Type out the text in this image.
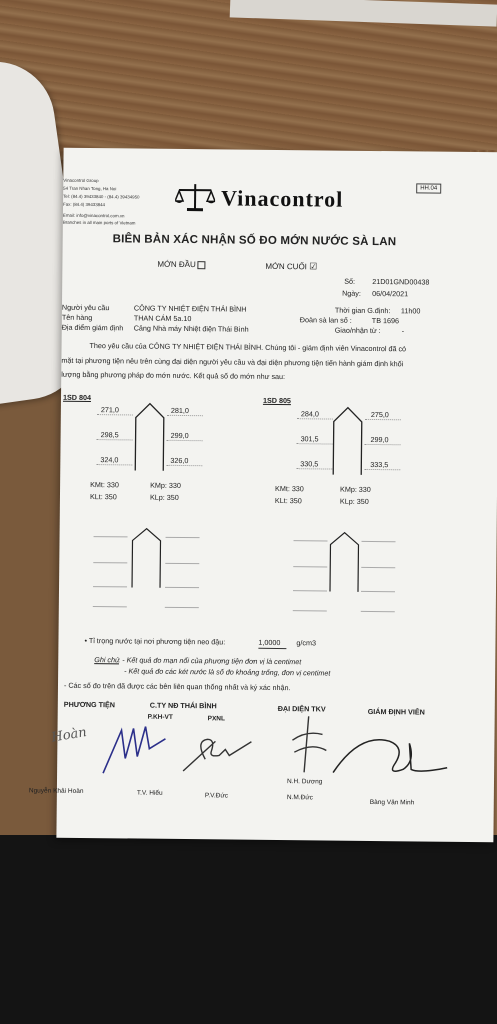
Vinacontrol Group
54 Tran Nhan Tong, Ha Noi
Tel: (84.4) 39433840 - (84.4) 39434950
Fax: (84.4) 39433844
Email: info@vinacontrol.com.vn
Branches in all main ports of Vietnam
Vinacontrol	HH.04
BIÊN BẢN XÁC NHẬN SỐ ĐO MỚN NƯỚC SÀ LAN
MỚN ĐẦU	MỚN CUỐI ☑
Số: 21D01GND00438
Ngày: 06/04/2021
Người yêu cầu	CÔNG TY NHIỆT ĐIỆN THÁI BÌNH	Thời gian G.định: 11h00
Tên hàng	THAN CÁM 5a.10	Đoàn sà lan số :	TB 1696
Địa điểm giám định Cảng Nhà máy Nhiệt điện Thái Bình	Giao/nhận từ :	-
Theo yêu cầu của CÔNG TY NHIỆT ĐIỆN THÁI BÌNH. Chúng tôi - giám định viên Vinacontrol đã có
mặt tại phương tiện nêu trên cùng đại diện người yêu cầu và đại diện phương tiện tiến hành giám định khối
lượng bằng phương pháp đo mớn nước. Kết quả số đo mớn như sau:
1SD 804
271,0	281,0
298,5	299,0
324,0	326,0
KMt: 330	KMp: 330
KLt: 350	KLp: 350
1SD 805
284,0	275,0
301,5	299,0
330,5	333,5
KMt: 330	KMp: 330
KLt: 350	KLp: 350
• Tỉ trọng nước tại nơi phương tiện neo đậu:	1,0000	g/cm3
Ghi chú : - Kết quả đo mạn nổi của phương tiện đơn vị là centimet
- Kết quả đo các két nước là số đo khoảng trống, đơn vị centimet
- Các số đo trên đã được các bên liên quan thống nhất và ký xác nhận.
PHƯƠNG TIỆN	C.TY NĐ THÁI BÌNH
P.KH-VT	PXNL
ĐẠI DIỆN TKV	GIÁM ĐỊNH VIÊN
Hoàn
N.H. Dương
Nguyễn Khải Hoàn	T.V. Hiếu	P.V.Đức	N.M.Đức
Bàng Văn Minh
